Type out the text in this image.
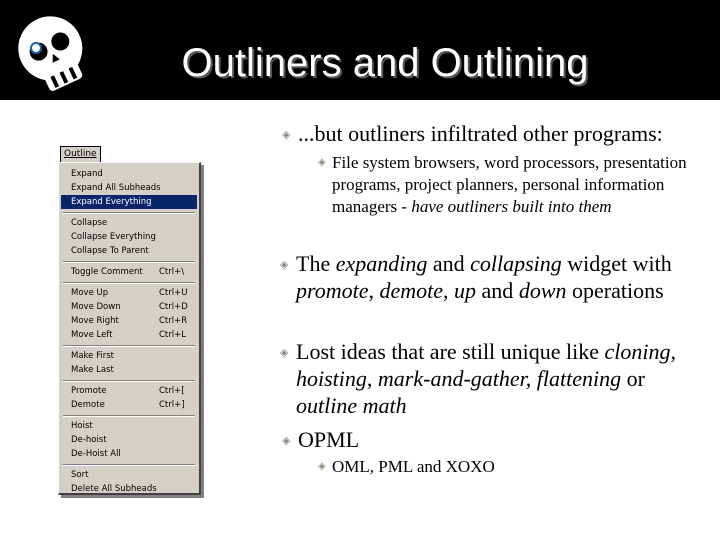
Outliners and Outlining
Outline
Expand
Expand All Subheads
Expand Everything
Collapse
Collapse Everything
Collapse To Parent
Toggle Comment Ctrl+\
Move Up	Ctrl+U
Move Down	Ctrl+D
Move Right	Ctrl+R
Move Left	Ctrl+L
Make First
Make Last
Promote	Ctrl+[
Demote	Ctrl+]
Hoist
De-hoist
De-Hoist All
Sort
Delete All Subheads
◈ ...but outliners infiltrated other programs:
◈ File system browsers, word processors, presentation programs, project planners, personal information managers - have outliners built into them
◈ The expanding and collapsing widget with promote, demote, up and down operations
◈ Lost ideas that are still unique like cloning, hoisting, mark-and-gather, flattening or outline math
◈ OPML
◈ OML, PML and XOXO
